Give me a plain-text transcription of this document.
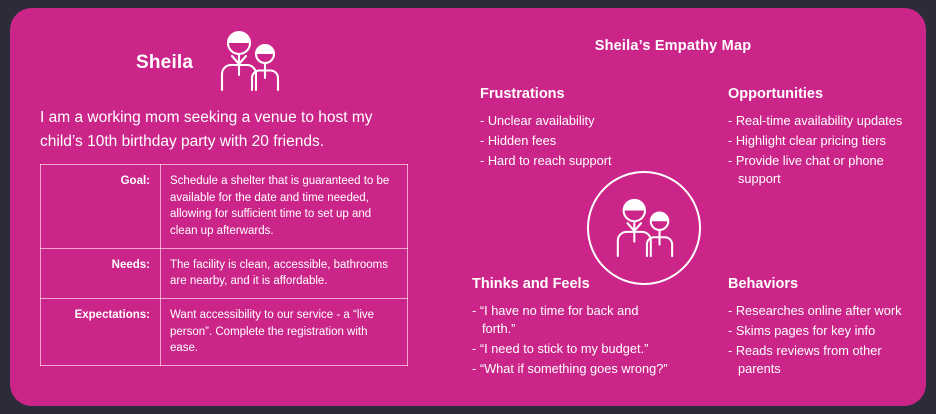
Sheila
I am a working mom seeking a venue to host my child’s 10th birthday party with 20 friends.
Goal:	Schedule a shelter that is guaranteed to be available for the date and time needed, allowing for sufficient time to set up and clean up afterwards.
Needs:	The facility is clean, accessible, bathrooms are nearby, and it is affordable.
Expectations:	Want accessibility to our service - a “live person”. Complete the registration with ease.
Sheila’s Empathy Map
Frustrations
- Unclear availability
- Hidden fees
- Hard to reach support
Opportunities
- Real-time availability updates
- Highlight clear pricing tiers
- Provide live chat or phone support
Thinks and Feels
- “I have no time for back and forth.”
- “I need to stick to my budget.”
- “What if something goes wrong?”
Behaviors
- Researches online after work
- Skims pages for key info
- Reads reviews from other parents
